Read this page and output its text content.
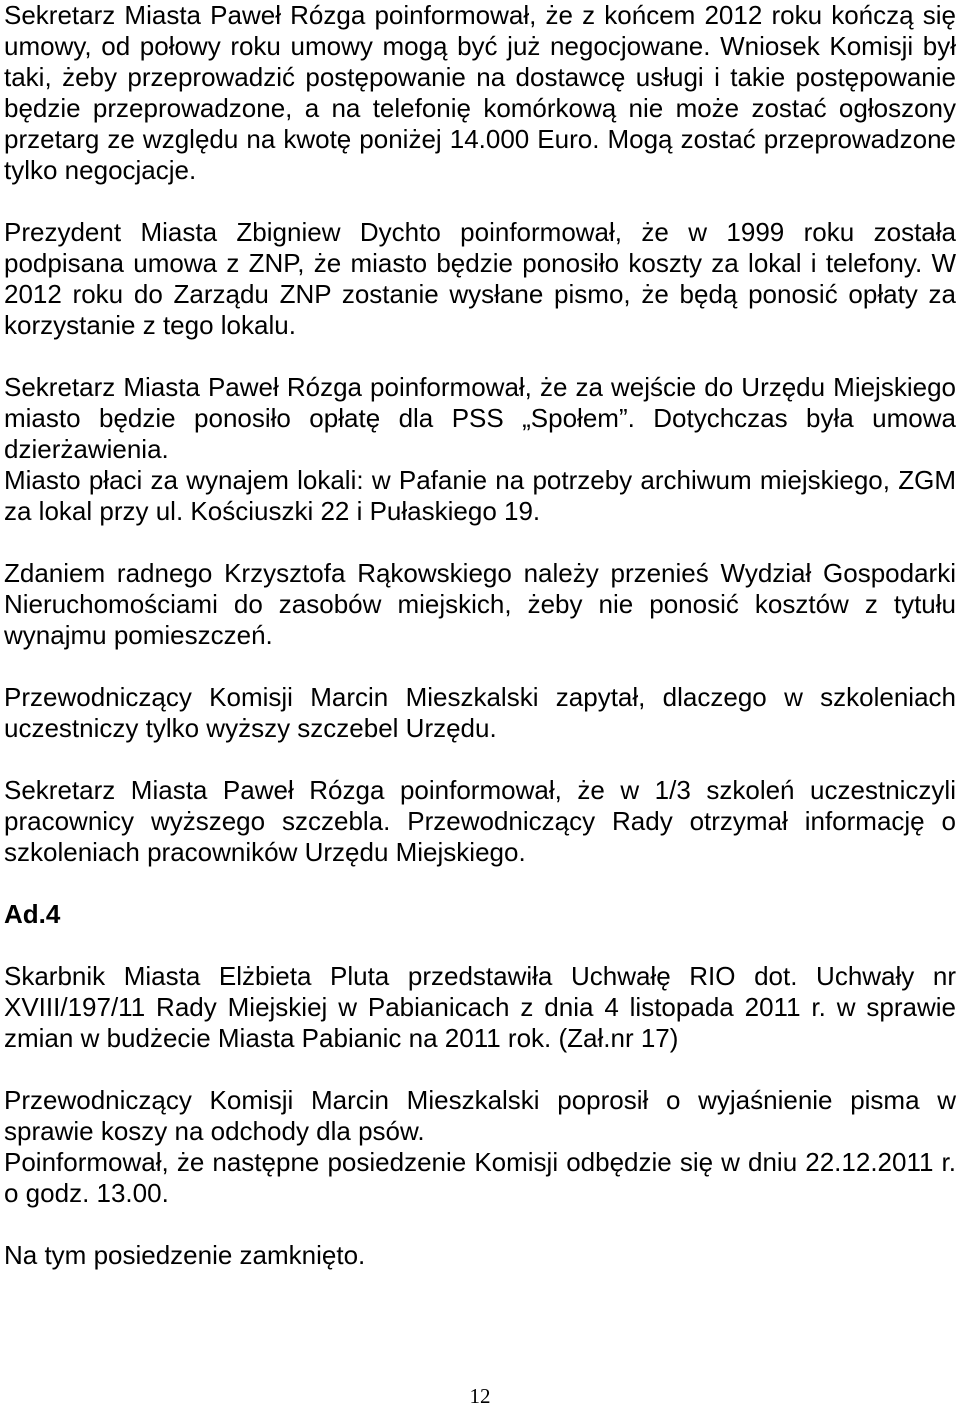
Sekretarz Miasta Paweł Rózga poinformował, że z końcem 2012 roku kończą się umowy, od połowy roku umowy mogą być już negocjowane. Wniosek Komisji był taki, żeby przeprowadzić postępowanie na dostawcę usługi i takie postępowanie będzie przeprowadzone, a na telefonię komórkową nie może zostać ogłoszony przetarg ze względu na kwotę poniżej 14.000 Euro. Mogą zostać przeprowadzone tylko negocjacje.

Prezydent Miasta Zbigniew Dychto poinformował, że w 1999 roku została podpisana umowa z ZNP, że miasto będzie ponosiło koszty za lokal i telefony. W 2012 roku do Zarządu ZNP zostanie wysłane pismo, że będą ponosić opłaty za korzystanie z tego lokalu.

Sekretarz Miasta Paweł Rózga poinformował, że za wejście do Urzędu Miejskiego miasto będzie ponosiło opłatę dla PSS „Społem”. Dotychczas była umowa dzierżawienia.

Miasto płaci za wynajem lokali: w Pafanie na potrzeby archiwum miejskiego, ZGM za lokal przy ul. Kościuszki 22 i Pułaskiego 19.

Zdaniem radnego Krzysztofa Rąkowskiego należy przenieś Wydział Gospodarki Nieruchomościami do zasobów miejskich, żeby nie ponosić kosztów z tytułu wynajmu pomieszczeń.

Przewodniczący Komisji Marcin Mieszkalski zapytał, dlaczego w szkoleniach uczestniczy tylko wyższy szczebel Urzędu.

Sekretarz Miasta Paweł Rózga poinformował, że w 1/3 szkoleń uczestniczyli pracownicy wyższego szczebla. Przewodniczący Rady otrzymał informację o szkoleniach pracowników Urzędu Miejskiego.

Ad.4

Skarbnik Miasta Elżbieta Pluta przedstawiła Uchwałę RIO dot. Uchwały nr XVIII/197/11 Rady Miejskiej w Pabianicach z dnia 4 listopada 2011 r. w sprawie zmian w budżecie Miasta Pabianic na 2011 rok. (Zał.nr 17)

Przewodniczący Komisji Marcin Mieszkalski poprosił o wyjaśnienie pisma w sprawie koszy na odchody dla psów.

Poinformował, że następne posiedzenie Komisji odbędzie się w dniu 22.12.2011 r. o godz. 13.00.

Na tym posiedzenie zamknięto.

12
